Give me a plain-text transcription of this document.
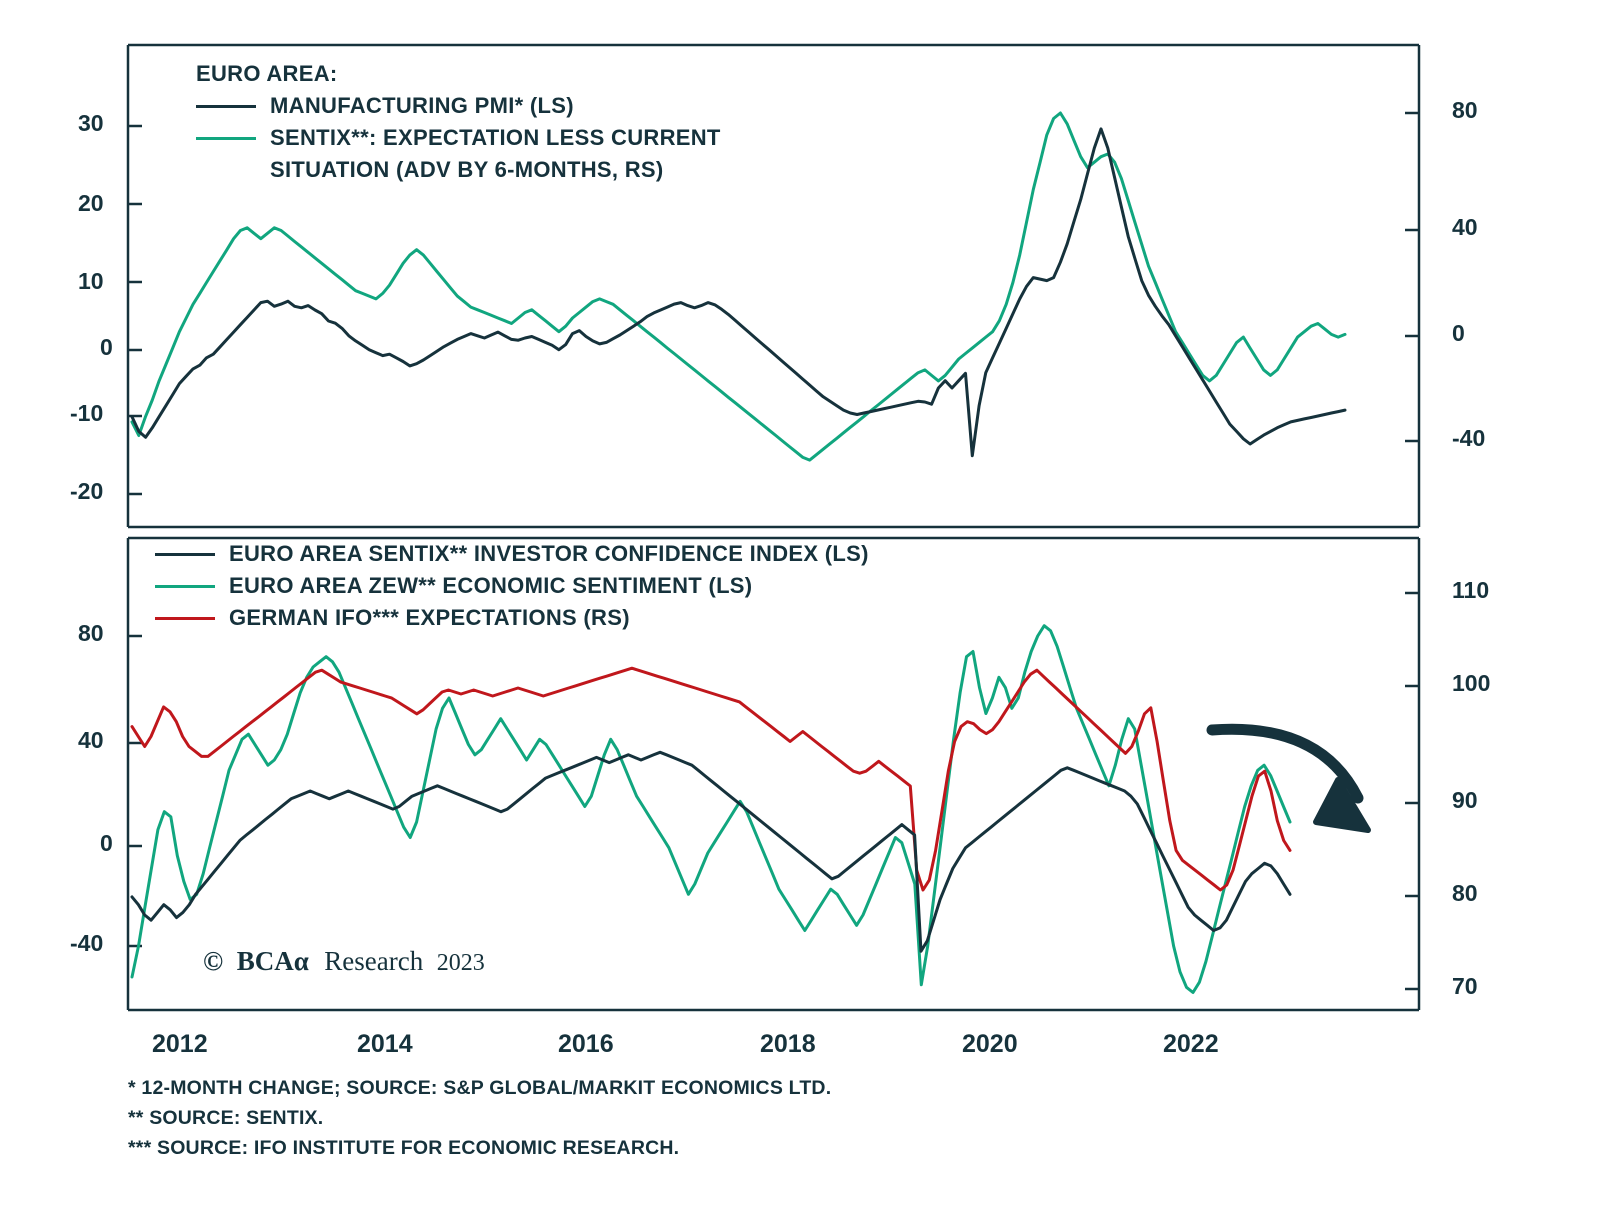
30
20
10
0
-10
-20
80
40
0
-40
EURO AREA:
MANUFACTURING PMI* (LS)
SENTIX**: EXPECTATION LESS CURRENT
SITUATION (ADV BY 6-MONTHS, RS)
80
40
0
-40
110
100
90
80
70
EURO AREA SENTIX** INVESTOR CONFIDENCE INDEX (LS)
EURO AREA ZEW** ECONOMIC SENTIMENT (LS)
GERMAN IFO*** EXPECTATIONS (RS)
© BCAα Research 2023
2012	2014	2016	2018	2020	2022
* 12-MONTH CHANGE; SOURCE: S&P GLOBAL/MARKIT ECONOMICS LTD.
** SOURCE: SENTIX.
*** SOURCE: IFO INSTITUTE FOR ECONOMIC RESEARCH.
